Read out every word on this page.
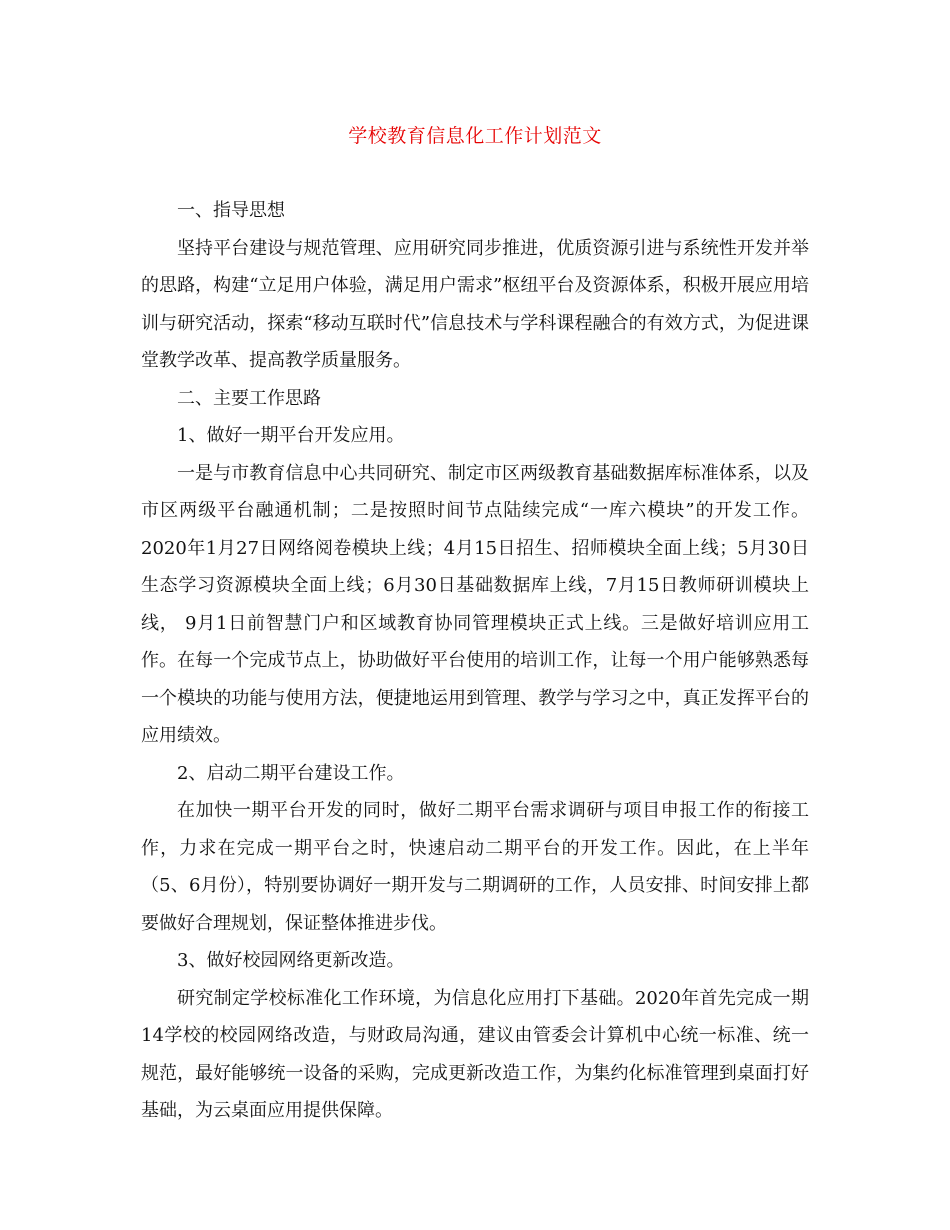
学校教育信息化工作计划范文

一、指导思想

坚持平台建设与规范管理、应用研究同步推进，优质资源引进与系统性开发并举的思路，构建“立足用户体验，满足用户需求”枢纽平台及资源体系，积极开展应用培训与研究活动，探索“移动互联时代”信息技术与学科课程融合的有效方式，为促进课堂教学改革、提高教学质量服务。

二、主要工作思路

1、做好一期平台开发应用。

一是与市教育信息中心共同研究、制定市区两级教育基础数据库标准体系，以及市区两级平台融通机制；二是按照时间节点陆续完成“一库六模块”的开发工作。2020年1月27日网络阅卷模块上线；4月15日招生、招师模块全面上线；5月30日生态学习资源模块全面上线；6月30日基础数据库上线，7月15日教师研训模块上线， 9月1日前智慧门户和区域教育协同管理模块正式上线。三是做好培训应用工作。在每一个完成节点上，协助做好平台使用的培训工作，让每一个用户能够熟悉每一个模块的功能与使用方法，便捷地运用到管理、教学与学习之中，真正发挥平台的应用绩效。

2、启动二期平台建设工作。

在加快一期平台开发的同时，做好二期平台需求调研与项目申报工作的衔接工作，力求在完成一期平台之时，快速启动二期平台的开发工作。因此，在上半年（5、6月份），特别要协调好一期开发与二期调研的工作，人员安排、时间安排上都要做好合理规划，保证整体推进步伐。

3、做好校园网络更新改造。

研究制定学校标准化工作环境，为信息化应用打下基础。2020年首先完成一期14学校的校园网络改造，与财政局沟通，建议由管委会计算机中心统一标准、统一规范，最好能够统一设备的采购，完成更新改造工作，为集约化标准管理到桌面打好基础，为云桌面应用提供保障。
